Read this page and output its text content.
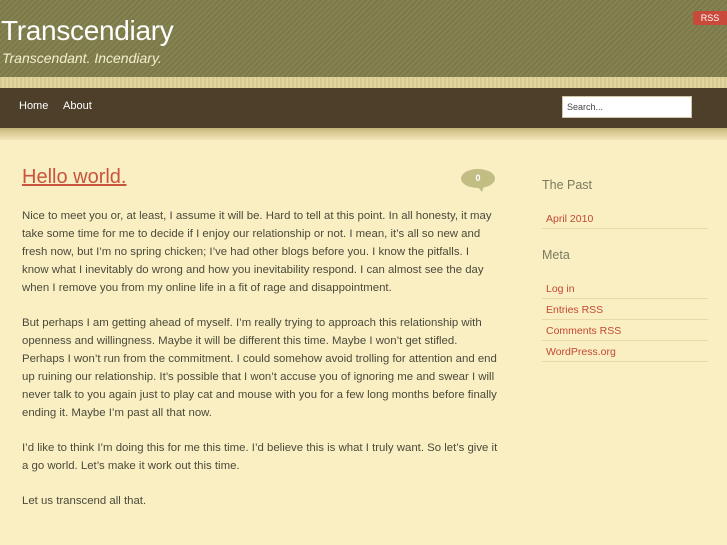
Transcendiary

Transcendant. Incendiary.

RSS
Home About
Search...
Hello world.	0

Nice to meet you or, at least, I assume it will be. Hard to tell at this point. In all honesty, it may take some time for me to decide if I enjoy our relationship or not. I mean, it’s all so new and fresh now, but I’m no spring chicken; I’ve had other blogs before you. I know the pitfalls. I know what I inevitably do wrong and how you inevitability respond. I can almost see the day when I remove you from my online life in a fit of rage and disappointment.

But perhaps I am getting ahead of myself. I’m really trying to approach this relationship with openness and willingness. Maybe it will be different this time. Maybe I won’t get stifled. Perhaps I won’t run from the commitment. I could somehow avoid trolling for attention and end up ruining our relationship. It’s possible that I won’t accuse you of ignoring me and swear I will never talk to you again just to play cat and mouse with you for a few long months before finally ending it. Maybe I’m past all that now.

I’d like to think I’m doing this for me this time. I’d believe this is what I truly want. So let’s give it a go world. Let’s make it work out this time.

Let us transcend all that.

The Past
April 2010
Meta
Log in
Entries RSS
Comments RSS
WordPress.org
